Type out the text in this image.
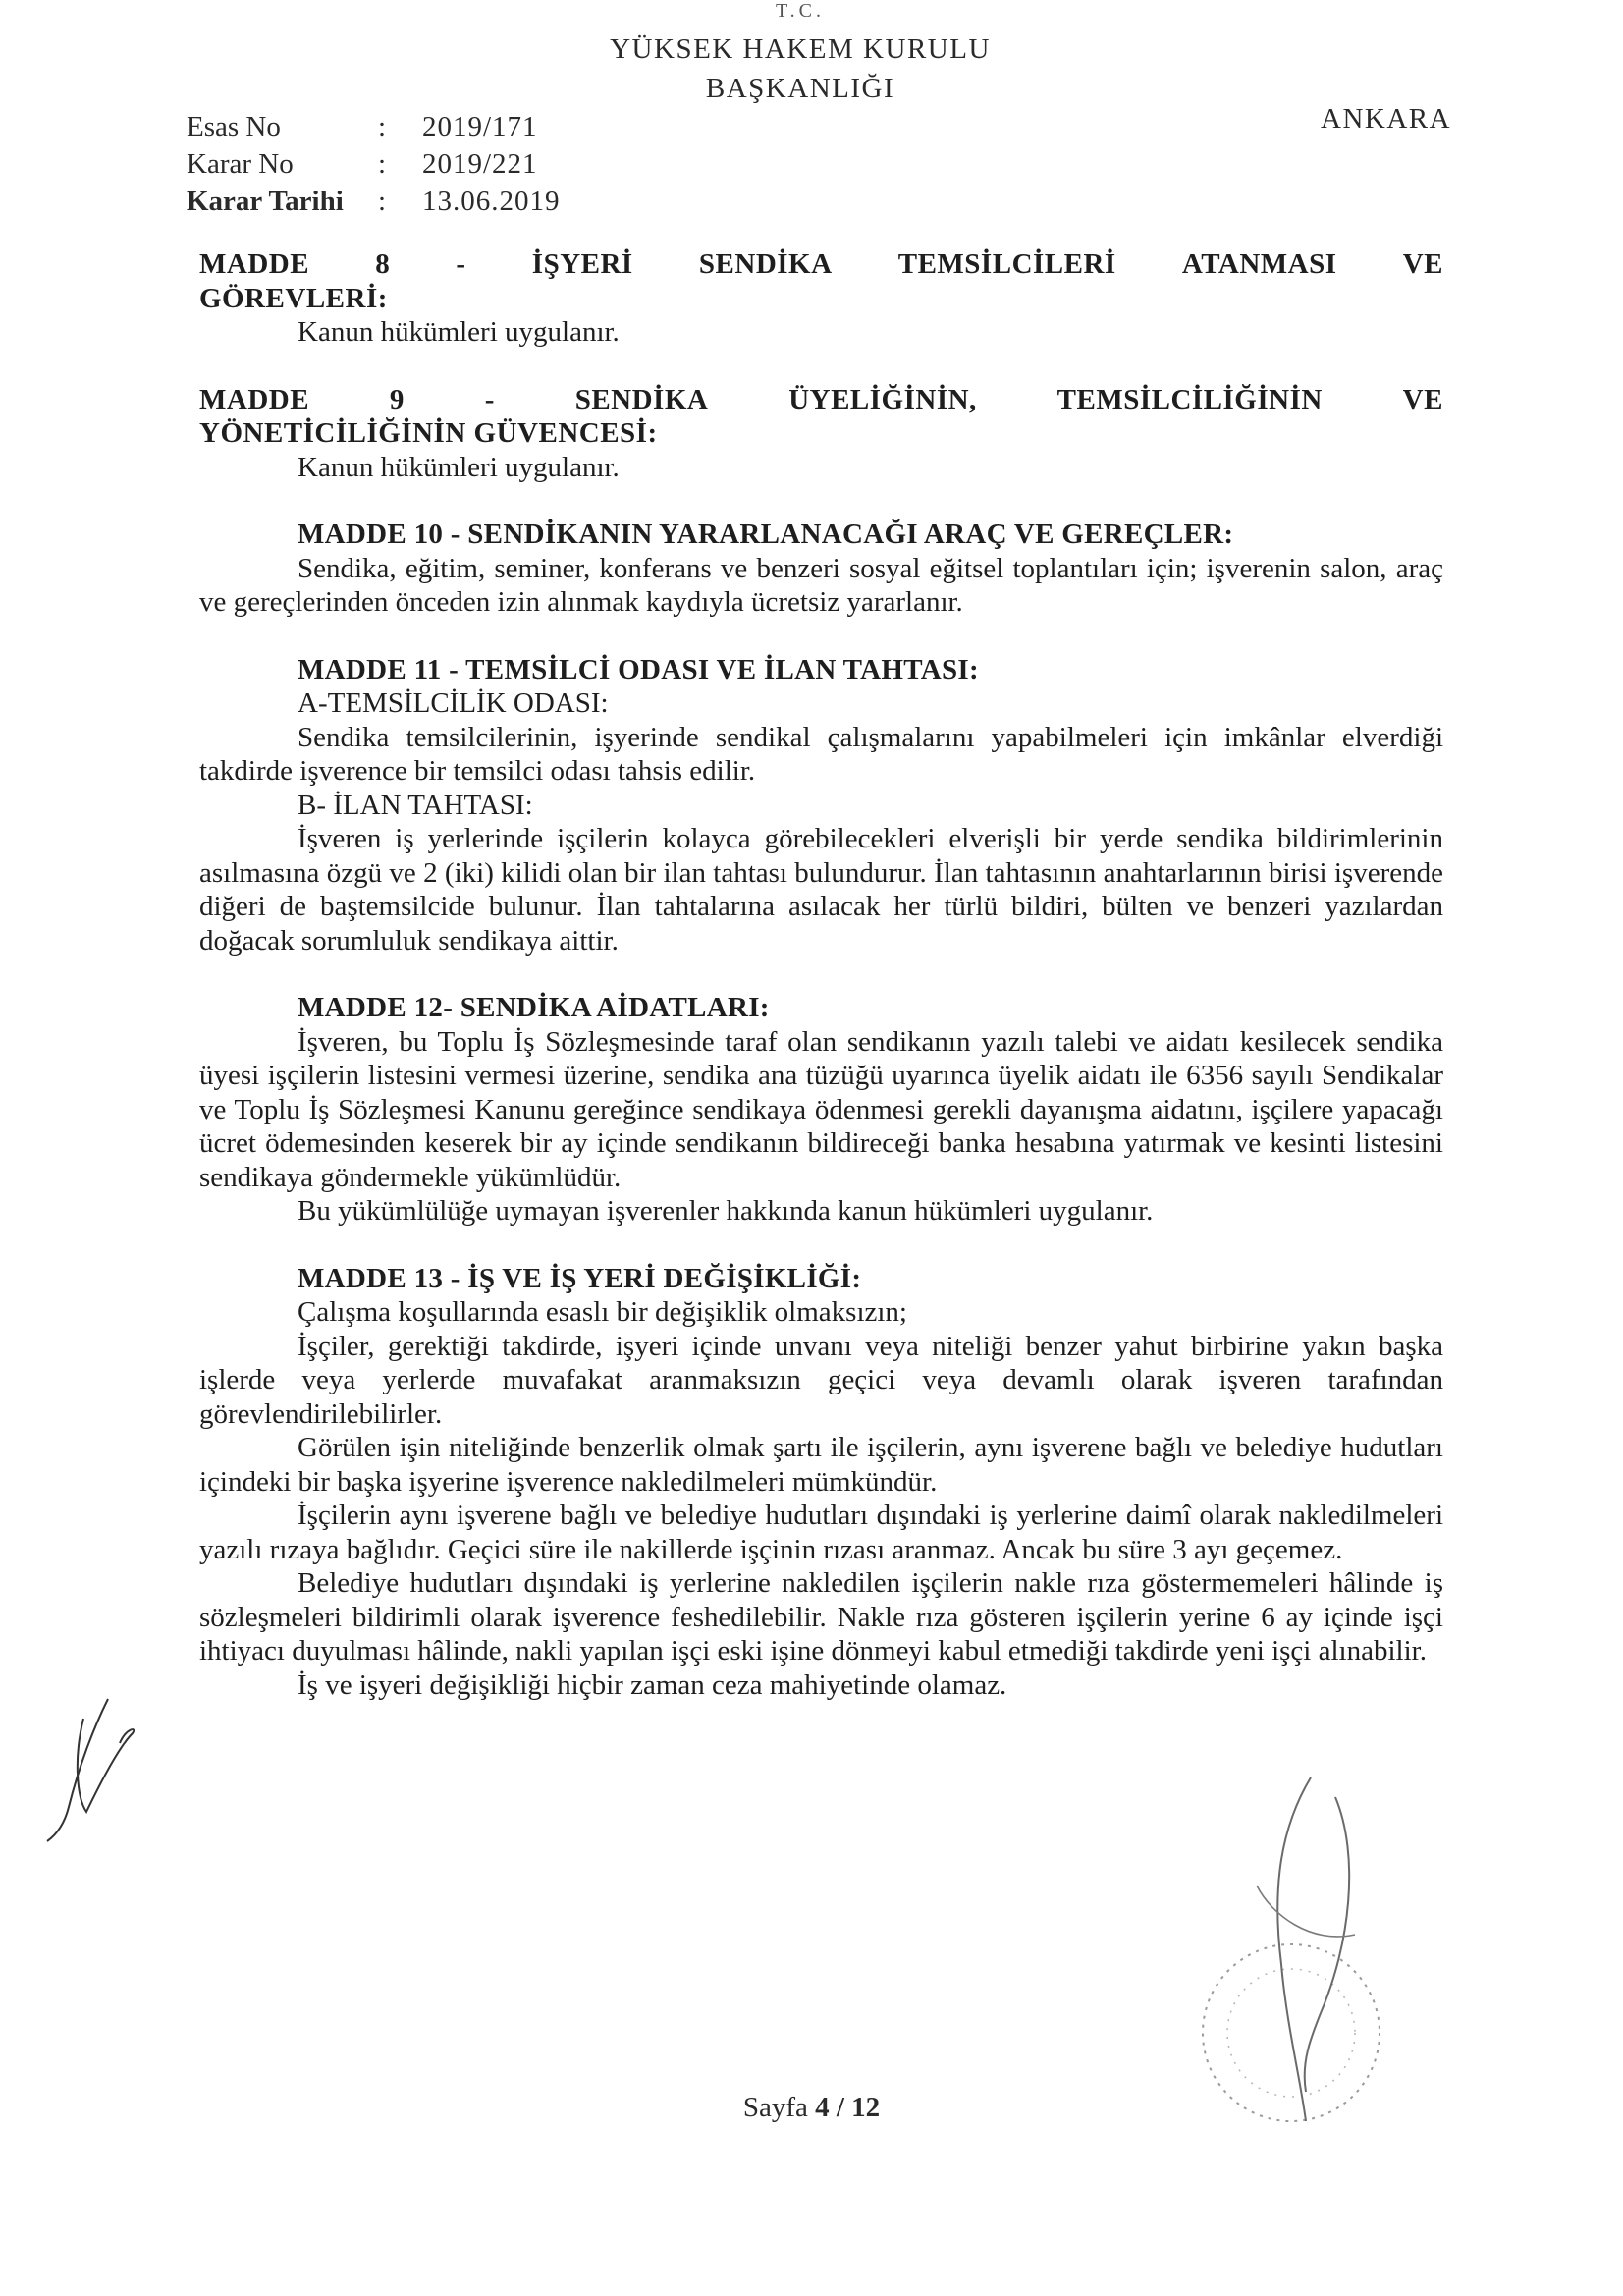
T.C.
YÜKSEK HAKEM KURULU
BAŞKANLIĞI
Esas No	:	2019/171
Karar No	:	2019/221
Karar Tarihi	:	13.06.2019
ANKARA
MADDE 8 - İŞYERİ SENDİKA TEMSİLCİLERİ ATANMASI VE
GÖREVLERİ:

Kanun hükümleri uygulanır.

MADDE	9	-	SENDİKA	ÜYELİĞİNİN,	TEMSİLCİLİĞİNİN	VE
YÖNETİCİLİĞİNİN GÜVENCESİ:

Kanun hükümleri uygulanır.

MADDE 10 - SENDİKANIN YARARLANACAĞI ARAÇ VE GEREÇLER:

Sendika, eğitim, seminer, konferans ve benzeri sosyal eğitsel toplantıları için; işverenin salon, araç ve gereçlerinden önceden izin alınmak kaydıyla ücretsiz yararlanır.

MADDE 11 - TEMSİLCİ ODASI VE İLAN TAHTASI:

A-TEMSİLCİLİK ODASI:

Sendika temsilcilerinin, işyerinde sendikal çalışmalarını yapabilmeleri için imkânlar elverdiği takdirde işverence bir temsilci odası tahsis edilir.

B- İLAN TAHTASI:

İşveren iş yerlerinde işçilerin kolayca görebilecekleri elverişli bir yerde sendika bildirimlerinin asılmasına özgü ve 2 (iki) kilidi olan bir ilan tahtası bulundurur. İlan tahtasının anahtarlarının birisi işverende diğeri de baştemsilcide bulunur. İlan tahtalarına asılacak her türlü bildiri, bülten ve benzeri yazılardan doğacak sorumluluk sendikaya aittir.

MADDE 12- SENDİKA AİDATLARI:

İşveren, bu Toplu İş Sözleşmesinde taraf olan sendikanın yazılı talebi ve aidatı kesilecek sendika üyesi işçilerin listesini vermesi üzerine, sendika ana tüzüğü uyarınca üyelik aidatı ile 6356 sayılı Sendikalar ve Toplu İş Sözleşmesi Kanunu gereğince sendikaya ödenmesi gerekli dayanışma aidatını, işçilere yapacağı ücret ödemesinden keserek bir ay içinde sendikanın bildireceği banka hesabına yatırmak ve kesinti listesini sendikaya göndermekle yükümlüdür.

Bu yükümlülüğe uymayan işverenler hakkında kanun hükümleri uygulanır.

MADDE 13 - İŞ VE İŞ YERİ DEĞİŞİKLİĞİ:

Çalışma koşullarında esaslı bir değişiklik olmaksızın;

İşçiler, gerektiği takdirde, işyeri içinde unvanı veya niteliği benzer yahut birbirine yakın başka işlerde veya yerlerde muvafakat aranmaksızın geçici veya devamlı olarak işveren tarafından görevlendirilebilirler.

Görülen işin niteliğinde benzerlik olmak şartı ile işçilerin, aynı işverene bağlı ve belediye hudutları içindeki bir başka işyerine işverence nakledilmeleri mümkündür.

İşçilerin aynı işverene bağlı ve belediye hudutları dışındaki iş yerlerine daimî olarak nakledilmeleri yazılı rızaya bağlıdır. Geçici süre ile nakillerde işçinin rızası aranmaz. Ancak bu süre 3 ayı geçemez.

Belediye hudutları dışındaki iş yerlerine nakledilen işçilerin nakle rıza göstermemeleri hâlinde iş sözleşmeleri bildirimli olarak işverence feshedilebilir. Nakle rıza gösteren işçilerin yerine 6 ay içinde işçi ihtiyacı duyulması hâlinde, nakli yapılan işçi eski işine dönmeyi kabul etmediği takdirde yeni işçi alınabilir.

İş ve işyeri değişikliği hiçbir zaman ceza mahiyetinde olamaz.

Sayfa 4 / 12
